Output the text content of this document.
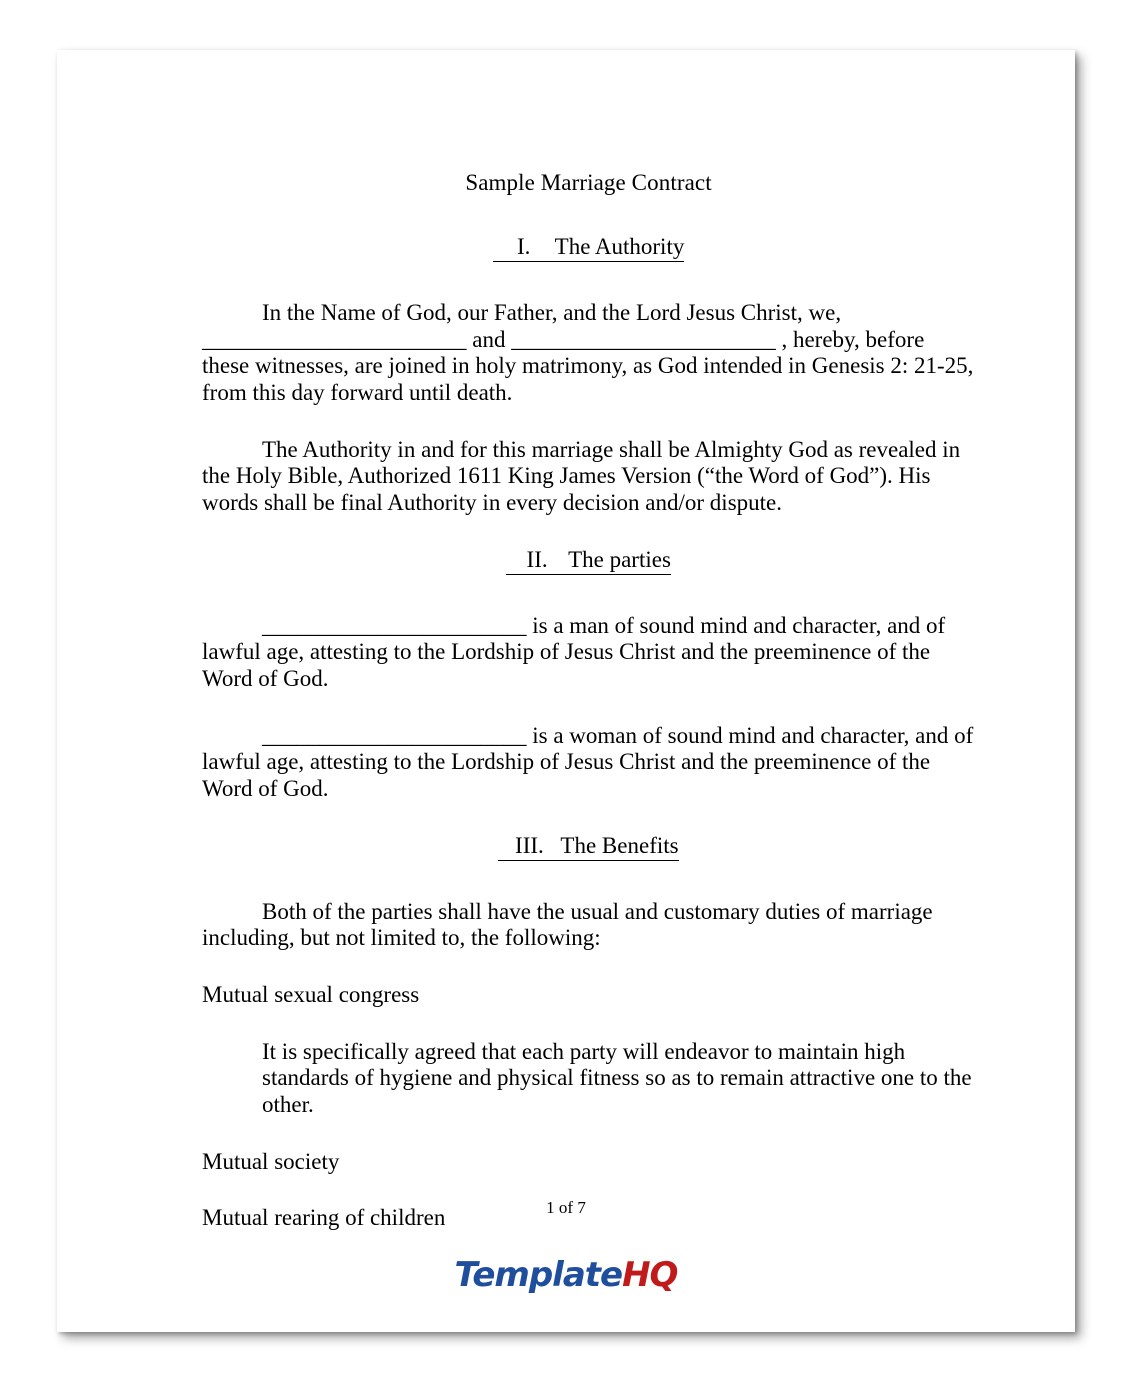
Sample Marriage Contract
I. The Authority

In the Name of God, our Father, and the Lord Jesus Christ, we, _______________________ and _______________________ , hereby, before these witnesses, are joined in holy matrimony, as God intended in Genesis 2: 21-25, from this day forward until death.

The Authority in and for this marriage shall be Almighty God as revealed in the Holy Bible, Authorized 1611 King James Version (“the Word of God”). His words shall be final Authority in every decision and/or dispute.

II. The parties

_______________________ is a man of sound mind and character, and of lawful age, attesting to the Lordship of Jesus Christ and the preeminence of the Word of God.

_______________________ is a woman of sound mind and character, and of lawful age, attesting to the Lordship of Jesus Christ and the preeminence of the Word of God.

III. The Benefits

Both of the parties shall have the usual and customary duties of marriage including, but not limited to, the following:

Mutual sexual congress

It is specifically agreed that each party will endeavor to maintain high standards of hygiene and physical fitness so as to remain attractive one to the other.

Mutual society

Mutual rearing of children	1 of 7
TemplateHQ
